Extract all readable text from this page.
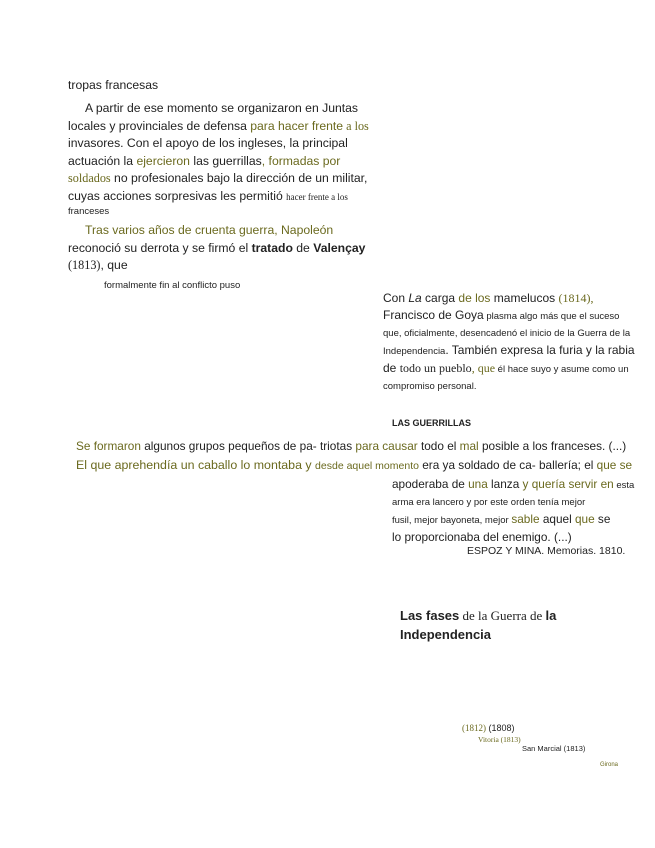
tropas francesas
A partir de ese momento se organizaron en Juntas
locales y provinciales de defensa para hacer frente a los
invasores. Con el apoyo de los ingleses, la principal
actuación la ejercieron las guerrillas, formadas por
soldados no profesionales bajo la dirección de un militar,
cuyas acciones sorpresivas les permitió hacer frente a los
franceses
Tras varios años de cruenta guerra, Napoleón
reconoció su derrota y se firmó el tratado de Valençay
(1813), que
formalmente fin al conflicto puso
Con La carga de los mamelucos (1814),
Francisco de Goya plasma algo más que el suceso
que, oficialmente, desencadenó el inicio de la Guerra de la
Independencia. También expresa la furia y la rabia
de todo un pueblo, que él hace suyo y asume como un
compromiso personal.
LAS GUERRILLAS
Se formaron algunos grupos pequeños de pa- triotas para causar todo el mal posible a los franceses. (...)
El que aprehendía un caballo lo montaba y desde aquel momento era ya soldado de ca- ballería; el que se
apoderaba de una lanza y quería servir en esta
arma era lancero y por este orden tenía mejor
fusil, mejor bayoneta, mejor sable aquel que se
lo proporcionaba del enemigo. (...)
ESPOZ Y MINA. Memorias. 1810.
Las fases de la Guerra de la
Independencia
(1812) (1808)
Vitoria (1813)
San Marcial (1813)
Girona
